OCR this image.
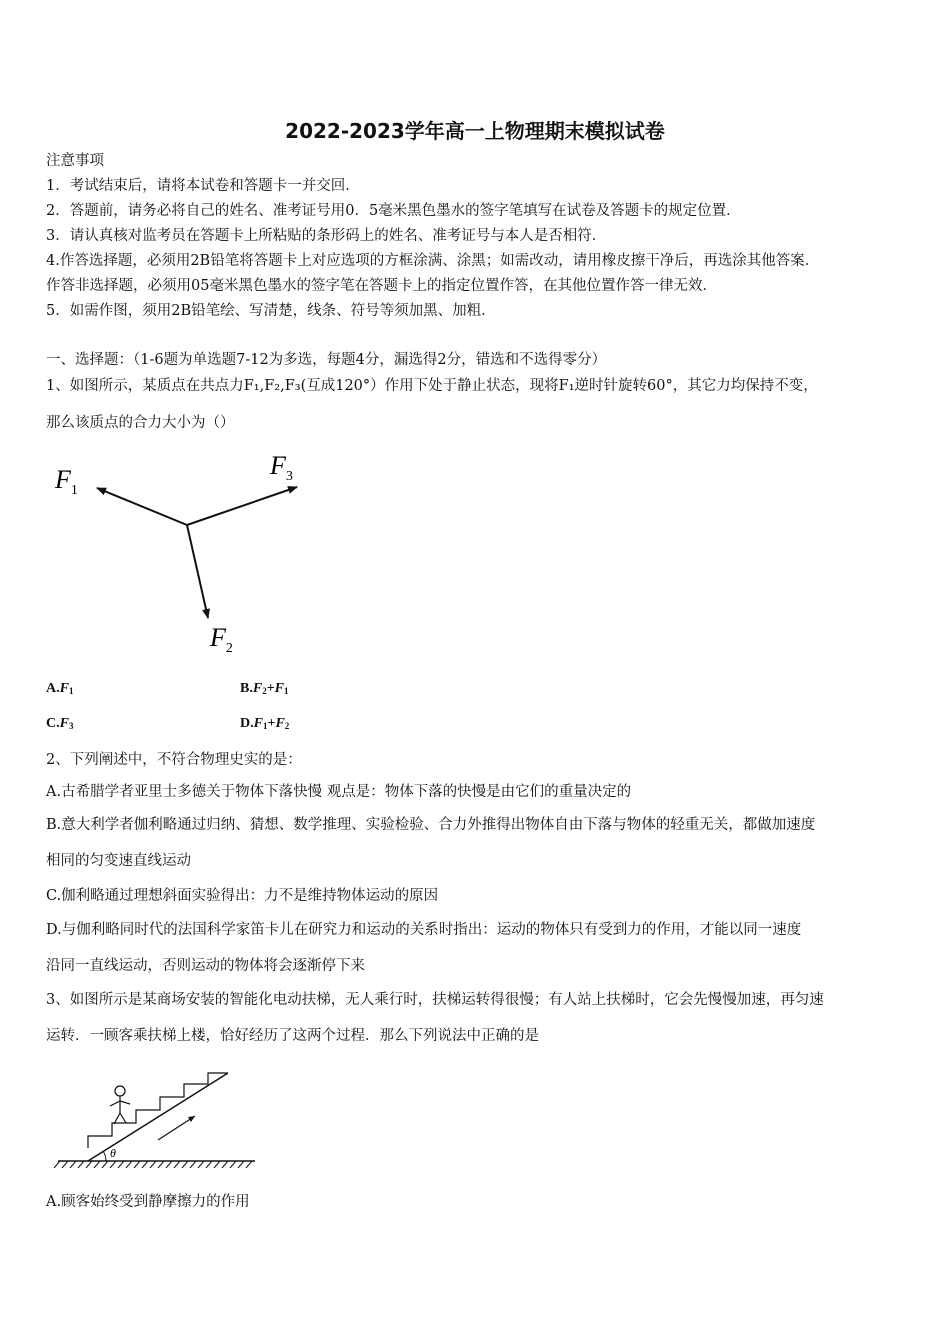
2022-2023学年高一上物理期末模拟试卷
注意事项
1．考试结束后，请将本试卷和答题卡一并交回．
2．答题前，请务必将自己的姓名、准考证号用0．5毫米黑色墨水的签字笔填写在试卷及答题卡的规定位置．
3．请认真核对监考员在答题卡上所粘贴的条形码上的姓名、准考证号与本人是否相符．
4.作答选择题，必须用2B铅笔将答题卡上对应选项的方框涂满、涂黑；如需改动，请用橡皮擦干净后，再选涂其他答案．
作答非选择题，必须用05毫米黑色墨水的签字笔在答题卡上的指定位置作答，在其他位置作答一律无效．
5．如需作图，须用2B铅笔绘、写清楚，线条、符号等须加黑、加粗．
一、选择题：（1-6题为单选题7-12为多选，每题4分，漏选得2分，错选和不选得零分）
1、如图所示，某质点在共点力F₁,F₂,F₃(互成120°）作用下处于静止状态，现将F₁逆时针旋转60°，其它力均保持不变，
那么该质点的合力大小为（）
$F_1$
$F_3$
$F_2$
$A.F_1$	$B.F_2+F_1$
$C.F_3$	$D.F_1+F_2$
2、下列阐述中，不符合物理史实的是：
A.古希腊学者亚里士多德关于物体下落快慢 观点是：物体下落的快慢是由它们的重量决定的
B.意大利学者伽利略通过归纳、猜想、数学推理、实验检验、合力外推得出物体自由下落与物体的轻重无关，都做加速度
相同的匀变速直线运动
C.伽利略通过理想斜面实验得出：力不是维持物体运动的原因
D.与伽利略同时代的法国科学家笛卡儿在研究力和运动的关系时指出：运动的物体只有受到力的作用，才能以同一速度
沿同一直线运动，否则运动的物体将会逐渐停下来
3、如图所示是某商场安装的智能化电动扶梯，无人乘行时，扶梯运转得很慢；有人站上扶梯时，它会先慢慢加速，再匀速
运转．一顾客乘扶梯上楼，恰好经历了这两个过程．那么下列说法中正确的是
θ
A.顾客始终受到静摩擦力的作用
